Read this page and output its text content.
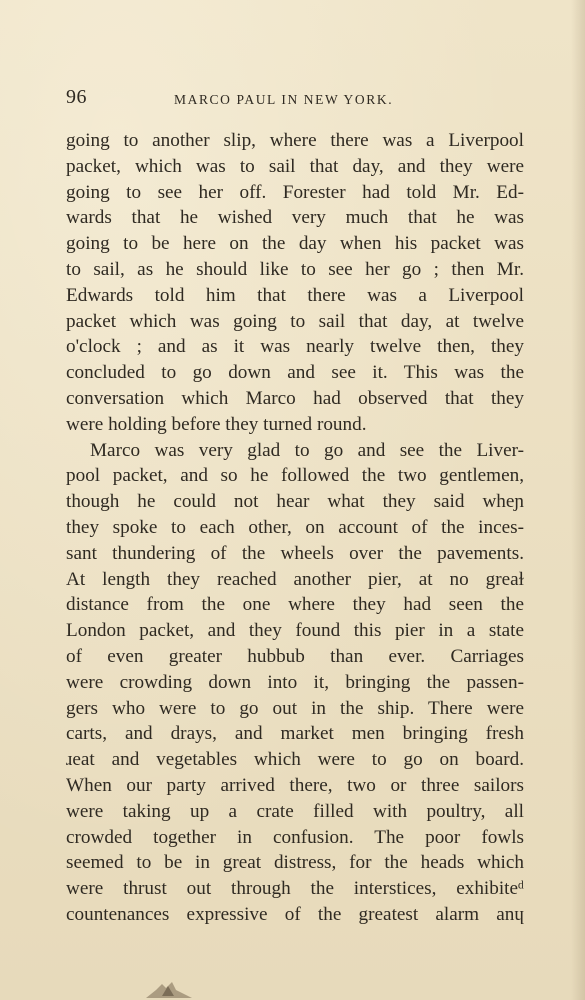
96	MARCO PAUL IN NEW YORK.
going to another slip, where there was a Liverpool
packet, which was to sail that day, and they were
going to see her off. Forester had told Mr. Ed-
wards that he wished very much that he was
going to be here on the day when his packet was
to sail, as he should like to see her go ; then Mr.
Edwards told him that there was a Liverpool
packet which was going to sail that day, at twelve
o'clock ; and as it was nearly twelve then, they
concluded to go down and see it. This was the
conversation which Marco had observed that they
were holding before they turned round.
Marco was very glad to go and see the Liver-
pool packet, and so he followed the two gentlemen,
though he could not hear what they said wheɲ
they spoke to each other, on account of the inces-
sant thundering of the wheels over the pavements.
At length they reached another pier, at no greaɫ
distance from the one where they had seen the
London packet, and they found this pier in a state
of even greater hubbub than ever. Carriages
were crowding down into it, bringing the passen-
gers who were to go out in the ship. There were
carts, and drays, and market men bringing fresh
ɹeat and vegetables which were to go on board.
When our party arrived there, two or three sailors
were taking up a crate filled with poultry, all
crowded together in confusion. The poor fowls
seemed to be in great distress, for the heads which
were thrust out through the interstices, exhibiteᵈ
countenances expressive of the greatest alarm anɥ
